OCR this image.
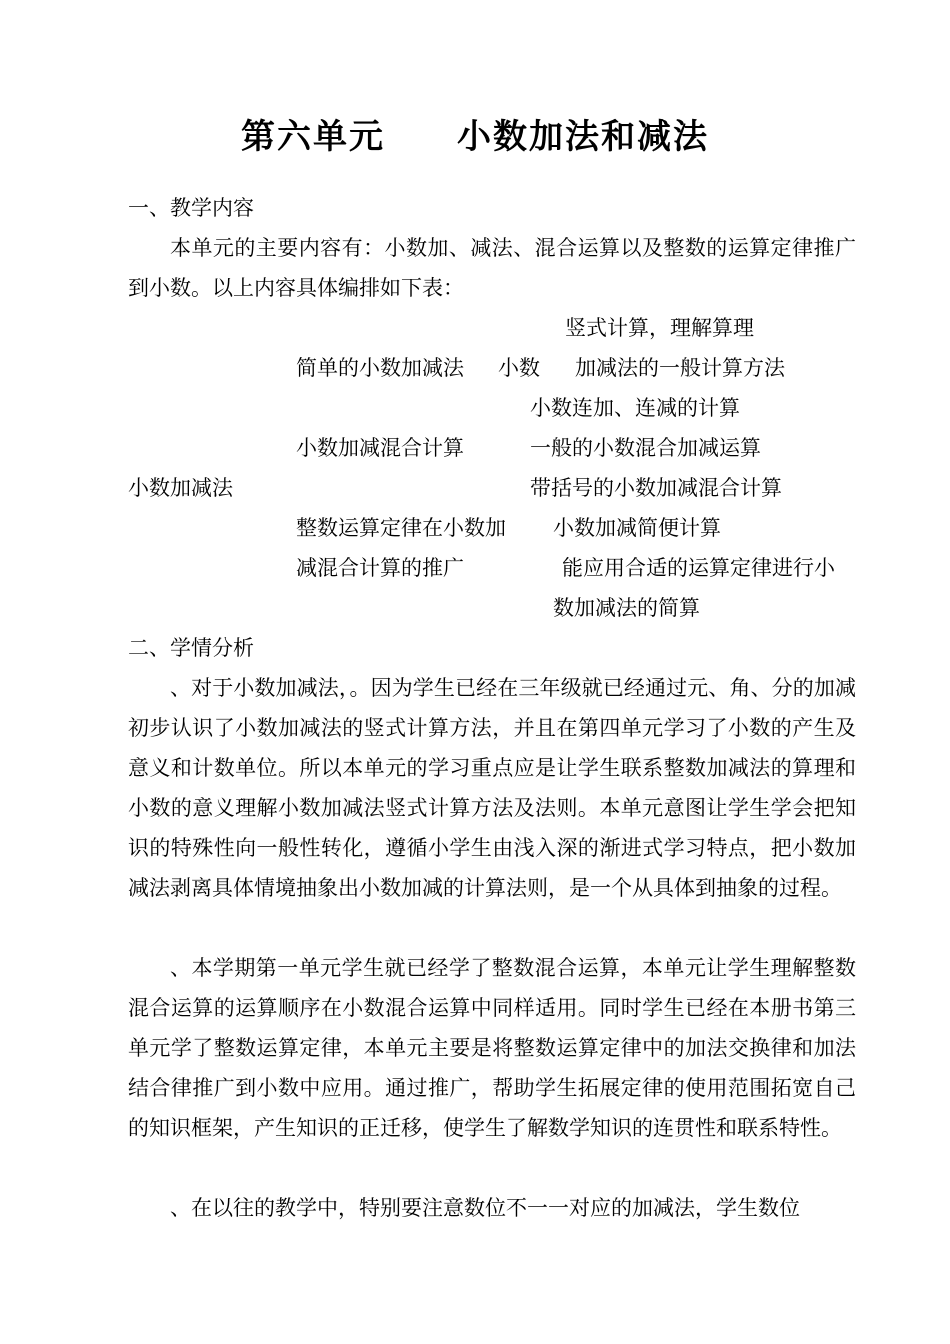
第六单元　　小数加法和减法
一、教学内容
本单元的主要内容有：小数加、减法、混合运算以及整数的运算定律推广到小数。以上内容具体编排如下表：
竖式计算，理解算理
简单的小数加减法 小数 加减法的一般计算方法
小数连加、连减的计算
小数加减混合计算	一般的小数混合加减运算
小数加减法	带括号的小数加减混合计算
整数运算定律在小数加 小数加减简便计算
减混合计算的推广	能应用合适的运算定律进行小
数加减法的简算
二、学情分析
、对于小数加减法，。因为学生已经在三年级就已经通过元、角、分的加减初步认识了小数加减法的竖式计算方法，并且在第四单元学习了小数的产生及意义和计数单位。所以本单元的学习重点应是让学生联系整数加减法的算理和小数的意义理解小数加减法竖式计算方法及法则。本单元意图让学生学会把知识的特殊性向一般性转化，遵循小学生由浅入深的渐进式学习特点，把小数加减法剥离具体情境抽象出小数加减的计算法则，是一个从具体到抽象的过程。
、本学期第一单元学生就已经学了整数混合运算，本单元让学生理解整数混合运算的运算顺序在小数混合运算中同样适用。同时学生已经在本册书第三单元学了整数运算定律，本单元主要是将整数运算定律中的加法交换律和加法结合律推广到小数中应用。通过推广，帮助学生拓展定律的使用范围拓宽自己的知识框架，产生知识的正迁移，使学生了解数学知识的连贯性和联系特性。
、在以往的教学中，特别要注意数位不一一对应的加减法，学生数位
